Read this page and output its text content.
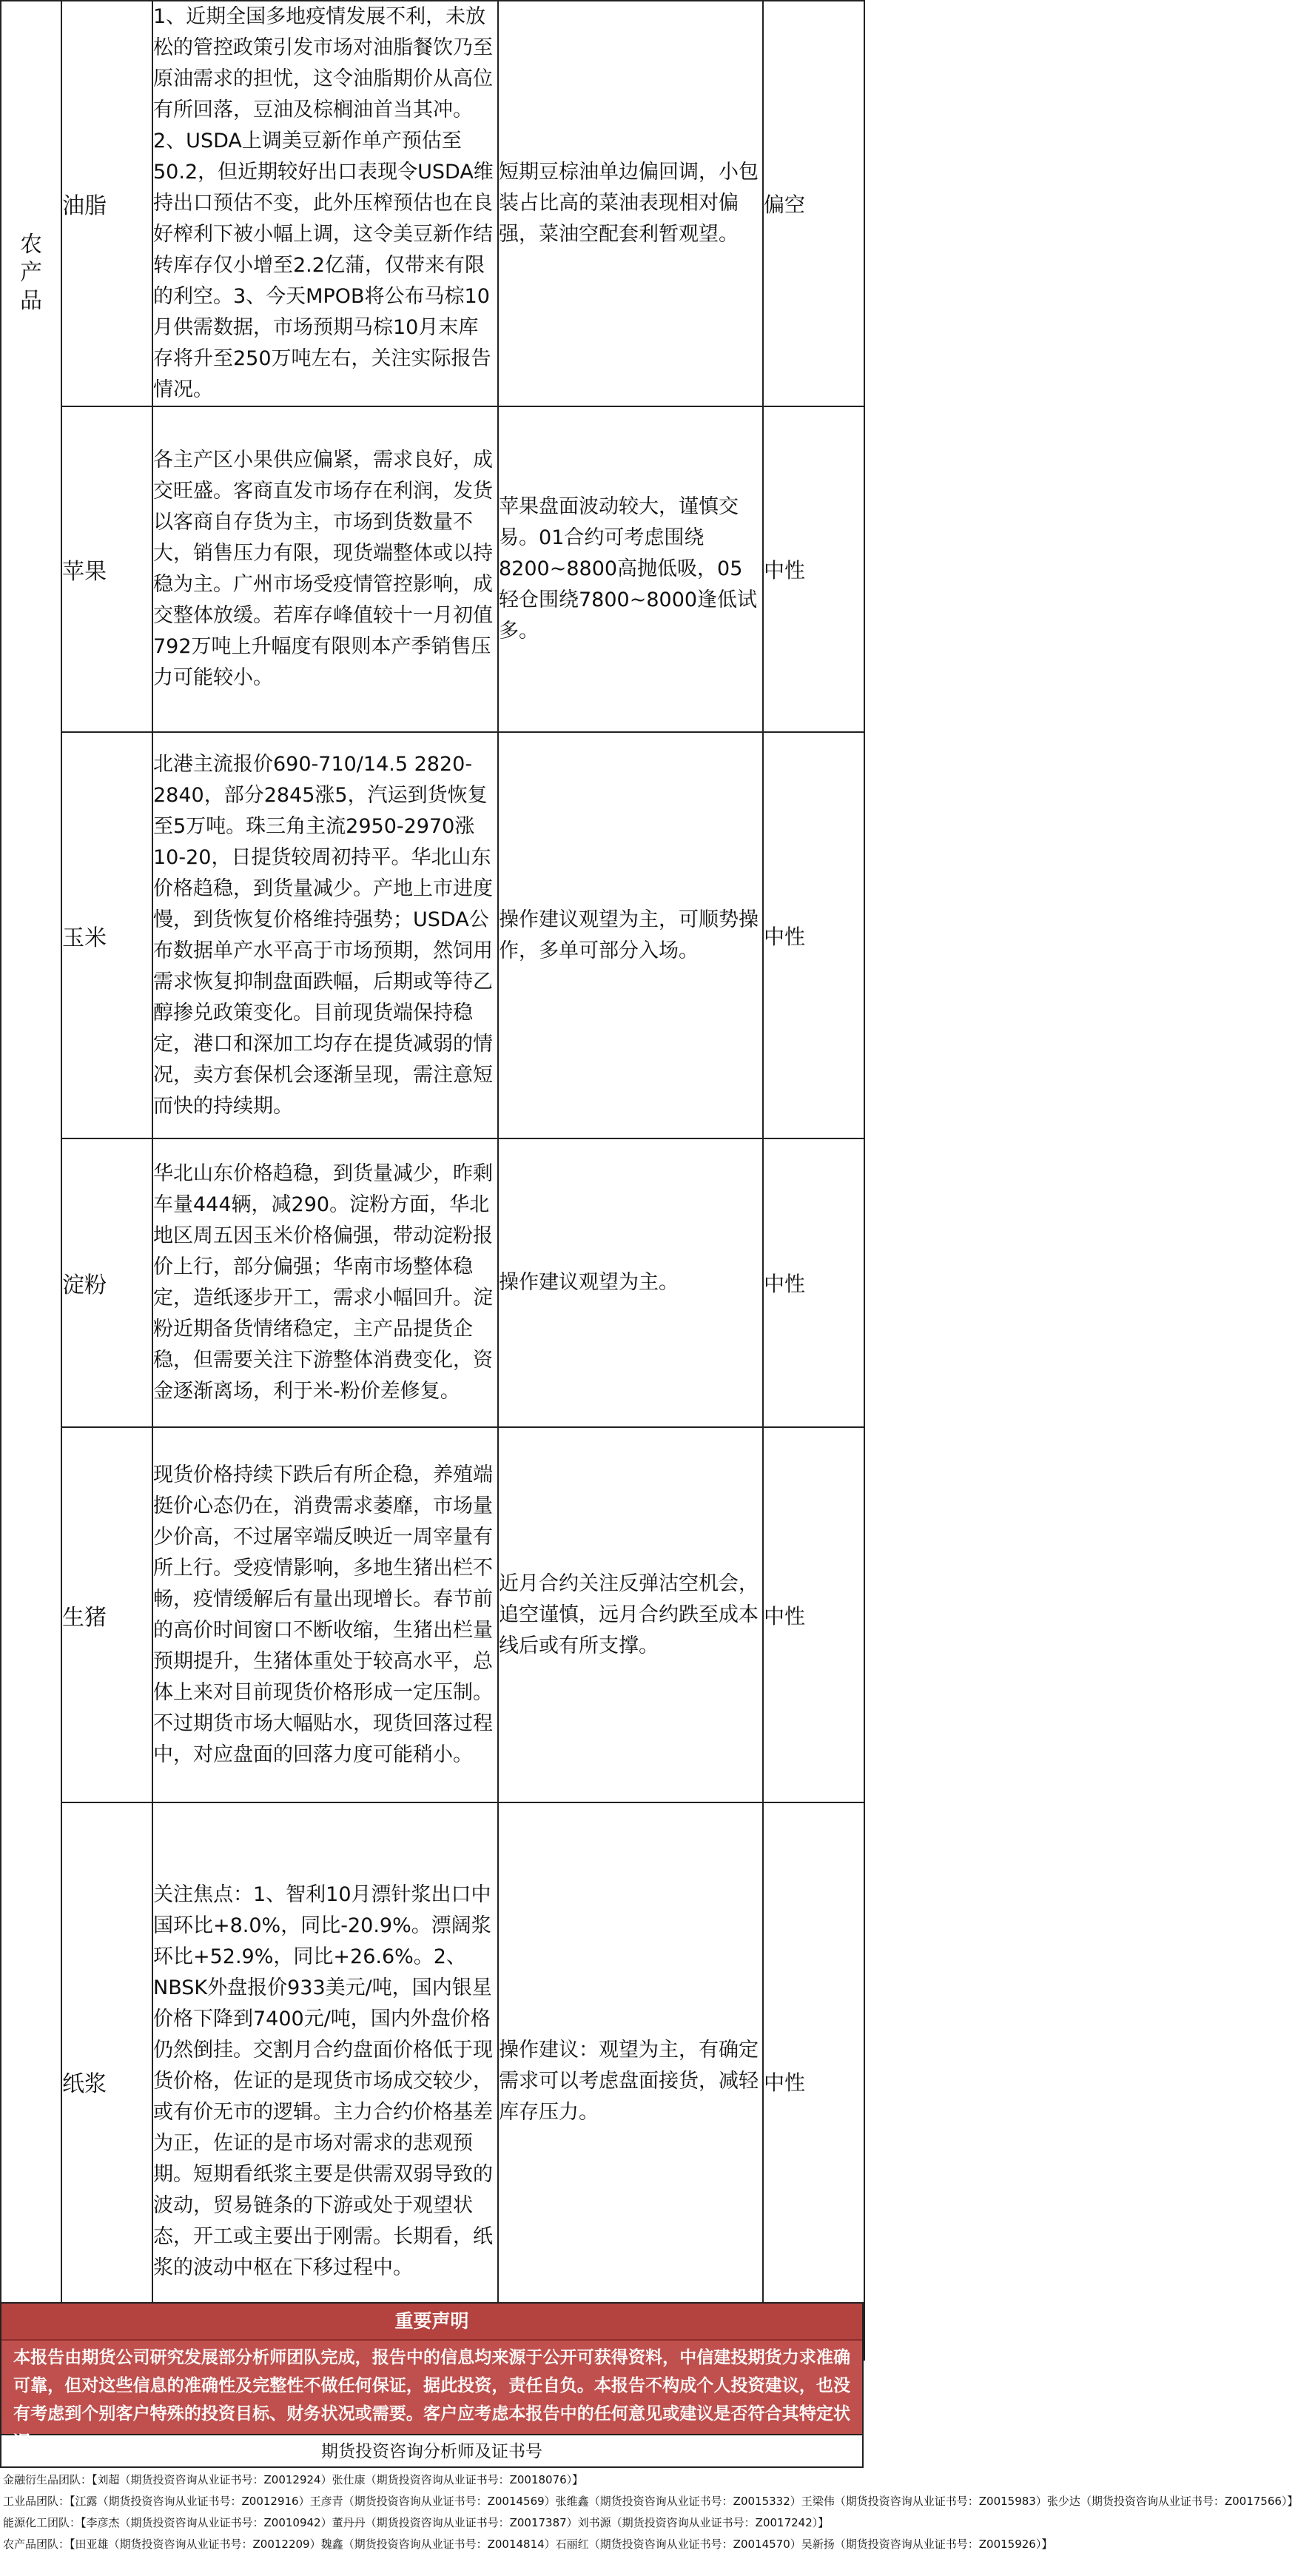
农产品	油脂	1、近期全国多地疫情发展不利，未放松的管控政策引发市场对油脂餐饮乃至原油需求的担忧，这令油脂期价从高位有所回落，豆油及棕榈油首当其冲。2、USDA上调美豆新作单产预估至50.2，但近期较好出口表现令USDA维持出口预估不变，此外压榨预估也在良好榨利下被小幅上调，这令美豆新作结转库存仅小增至2.2亿蒲，仅带来有限的利空。3、今天MPOB将公布马棕10月供需数据，市场预期马棕10月末库存将升至250万吨左右，关注实际报告情况。	短期豆棕油单边偏回调，小包装占比高的菜油表现相对偏强，菜油空配套利暂观望。	偏空
	苹果	各主产区小果供应偏紧，需求良好，成交旺盛。客商直发市场存在利润，发货以客商自存货为主，市场到货数量不大，销售压力有限，现货端整体或以持稳为主。广州市场受疫情管控影响，成交整体放缓。若库存峰值较十一月初值792万吨上升幅度有限则本产季销售压力可能较小。	苹果盘面波动较大，谨慎交易。01合约可考虑围绕8200~8800高抛低吸，05轻仓围绕7800~8000逢低试多。	中性
	玉米	北港主流报价690-710/14.5 2820-2840，部分2845涨5，汽运到货恢复至5万吨。珠三角主流2950-2970涨10-20，日提货较周初持平。华北山东价格趋稳，到货量减少。产地上市进度慢，到货恢复价格维持强势；USDA公布数据单产水平高于市场预期，然饲用需求恢复抑制盘面跌幅，后期或等待乙醇掺兑政策变化。目前现货端保持稳定，港口和深加工均存在提货减弱的情况，卖方套保机会逐渐呈现，需注意短而快的持续期。	操作建议观望为主，可顺势操作，多单可部分入场。	中性
	淀粉	华北山东价格趋稳，到货量减少，昨剩车量444辆，减290。淀粉方面，华北地区周五因玉米价格偏强，带动淀粉报价上行，部分偏强；华南市场整体稳定，造纸逐步开工，需求小幅回升。淀粉近期备货情绪稳定，主产品提货企稳，但需要关注下游整体消费变化，资金逐渐离场，利于米-粉价差修复。	操作建议观望为主。	中性
	生猪	现货价格持续下跌后有所企稳，养殖端挺价心态仍在，消费需求萎靡，市场量少价高，不过屠宰端反映近一周宰量有所上行。受疫情影响，多地生猪出栏不畅，疫情缓解后有量出现增长。春节前的高价时间窗口不断收缩，生猪出栏量预期提升，生猪体重处于较高水平，总体上来对目前现货价格形成一定压制。不过期货市场大幅贴水，现货回落过程中，对应盘面的回落力度可能稍小。	近月合约关注反弹沽空机会，追空谨慎，远月合约跌至成本线后或有所支撑。	中性
	纸浆	关注焦点：1、智利10月漂针浆出口中国环比+8.0%，同比-20.9%。漂阔浆环比+52.9%，同比+26.6%。2、NBSK外盘报价933美元/吨，国内银星价格下降到7400元/吨，国内外盘价格仍然倒挂。交割月合约盘面价格低于现货价格，佐证的是现货市场成交较少，或有价无市的逻辑。主力合约价格基差为正，佐证的是市场对需求的悲观预期。短期看纸浆主要是供需双弱导致的波动，贸易链条的下游或处于观望状态，开工或主要出于刚需。长期看，纸浆的波动中枢在下移过程中。	操作建议：观望为主，有确定需求可以考虑盘面接货，减轻库存压力。	中性
重要声明
本报告由期货公司研究发展部分析师团队完成，报告中的信息均来源于公开可获得资料，中信建投期货力求准确可靠，但对这些信息的准确性及完整性不做任何保证，据此投资，责任自负。本报告不构成个人投资建议，也没有考虑到个别客户特殊的投资目标、财务状况或需要。客户应考虑本报告中的任何意见或建议是否符合其特定状况。	期货投资咨询分析师及证书号
金融衍生品团队：【刘超（期货投资咨询从业证书号：Z0012924）张仕康（期货投资咨询从业证书号：Z0018076）】
工业品团队：【江露（期货投资咨询从业证书号：Z0012916）王彦青（期货投资咨询从业证书号：Z0014569）张维鑫（期货投资咨询从业证书号：Z0015332）王梁伟（期货投资咨询从业证书号：Z0015983）张少达（期货投资咨询从业证书号：Z0017566）】
能源化工团队：【李彦杰（期货投资咨询从业证书号：Z0010942）董丹丹（期货投资咨询从业证书号：Z0017387）刘书源（期货投资咨询从业证书号：Z0017242）】
农产品团队：【田亚雄（期货投资咨询从业证书号：Z0012209）魏鑫（期货投资咨询从业证书号：Z0014814）石丽红（期货投资咨询从业证书号：Z0014570）吴新扬（期货投资咨询从业证书号：Z0015926）】
